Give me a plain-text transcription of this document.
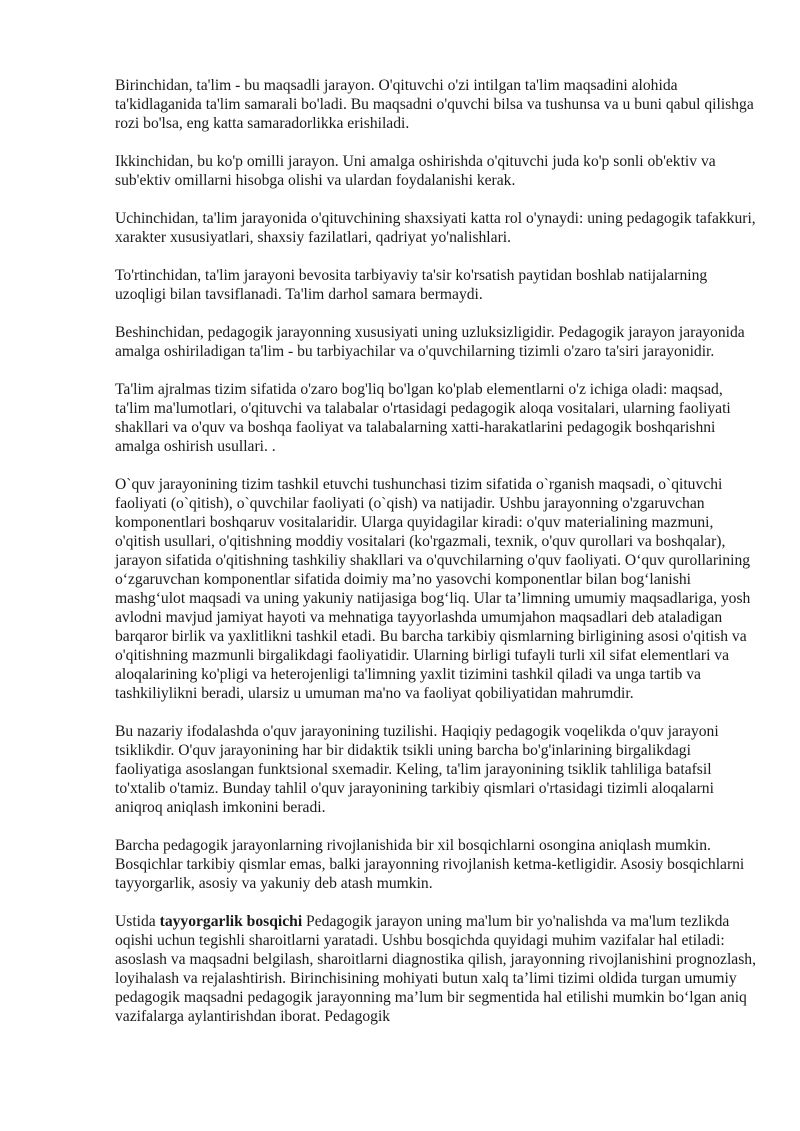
Birinchidan, ta'lim - bu maqsadli jarayon. O'qituvchi o'zi intilgan ta'lim maqsadini alohida ta'kidlaganida ta'lim samarali bo'ladi. Bu maqsadni o'quvchi bilsa va tushunsa va u buni qabul qilishga rozi bo'lsa, eng katta samaradorlikka erishiladi.

Ikkinchidan, bu ko'p omilli jarayon. Uni amalga oshirishda o'qituvchi juda ko'p sonli ob'ektiv va sub'ektiv omillarni hisobga olishi va ulardan foydalanishi kerak.

Uchinchidan, ta'lim jarayonida o'qituvchining shaxsiyati katta rol o'ynaydi: uning pedagogik tafakkuri, xarakter xususiyatlari, shaxsiy fazilatlari, qadriyat yo'nalishlari.

To'rtinchidan, ta'lim jarayoni bevosita tarbiyaviy ta'sir ko'rsatish paytidan boshlab natijalarning uzoqligi bilan tavsiflanadi. Ta'lim darhol samara bermaydi.

Beshinchidan, pedagogik jarayonning xususiyati uning uzluksizligidir. Pedagogik jarayon jarayonida amalga oshiriladigan ta'lim - bu tarbiyachilar va o'quvchilarning tizimli o'zaro ta'siri jarayonidir.

Ta'lim ajralmas tizim sifatida o'zaro bog'liq bo'lgan ko'plab elementlarni o'z ichiga oladi: maqsad, ta'lim ma'lumotlari, o'qituvchi va talabalar o'rtasidagi pedagogik aloqa vositalari, ularning faoliyati shakllari va o'quv va boshqa faoliyat va talabalarning xatti-harakatlarini pedagogik boshqarishni amalga oshirish usullari. .

O`quv jarayonining tizim tashkil etuvchi tushunchasi tizim sifatida o`rganish maqsadi, o`qituvchi faoliyati (o`qitish), o`quvchilar faoliyati (o`qish) va natijadir. Ushbu jarayonning o'zgaruvchan komponentlari boshqaruv vositalaridir. Ularga quyidagilar kiradi: o'quv materialining mazmuni, o'qitish usullari, o'qitishning moddiy vositalari (ko'rgazmali, texnik, o'quv qurollari va boshqalar), jarayon sifatida o'qitishning tashkiliy shakllari va o'quvchilarning o'quv faoliyati. O‘quv qurollarining o‘zgaruvchan komponentlar sifatida doimiy ma’no yasovchi komponentlar bilan bog‘lanishi mashg‘ulot maqsadi va uning yakuniy natijasiga bog‘liq. Ular ta’limning umumiy maqsadlariga, yosh avlodni mavjud jamiyat hayoti va mehnatiga tayyorlashda umumjahon maqsadlari deb ataladigan barqaror birlik va yaxlitlikni tashkil etadi. Bu barcha tarkibiy qismlarning birligining asosi o'qitish va o'qitishning mazmunli birgalikdagi faoliyatidir. Ularning birligi tufayli turli xil sifat elementlari va aloqalarining ko'pligi va heterojenligi ta'limning yaxlit tizimini tashkil qiladi va unga tartib va tashkiliylikni beradi, ularsiz u umuman ma'no va faoliyat qobiliyatidan mahrumdir.

Bu nazariy ifodalashda o'quv jarayonining tuzilishi. Haqiqiy pedagogik voqelikda o'quv jarayoni tsiklikdir. O'quv jarayonining har bir didaktik tsikli uning barcha bo'g'inlarining birgalikdagi faoliyatiga asoslangan funktsional sxemadir. Keling, ta'lim jarayonining tsiklik tahliliga batafsil to'xtalib o'tamiz. Bunday tahlil o'quv jarayonining tarkibiy qismlari o'rtasidagi tizimli aloqalarni aniqroq aniqlash imkonini beradi.

Barcha pedagogik jarayonlarning rivojlanishida bir xil bosqichlarni osongina aniqlash mumkin. Bosqichlar tarkibiy qismlar emas, balki jarayonning rivojlanish ketma-ketligidir. Asosiy bosqichlarni tayyorgarlik, asosiy va yakuniy deb atash mumkin.

Ustida tayyorgarlik bosqichi Pedagogik jarayon uning ma'lum bir yo'nalishda va ma'lum tezlikda oqishi uchun tegishli sharoitlarni yaratadi. Ushbu bosqichda quyidagi muhim vazifalar hal etiladi: asoslash va maqsadni belgilash, sharoitlarni diagnostika qilish, jarayonning rivojlanishini prognozlash, loyihalash va rejalashtirish. Birinchisining mohiyati butun xalq ta’limi tizimi oldida turgan umumiy pedagogik maqsadni pedagogik jarayonning ma’lum bir segmentida hal etilishi mumkin bo‘lgan aniq vazifalarga aylantirishdan iborat. Pedagogik
